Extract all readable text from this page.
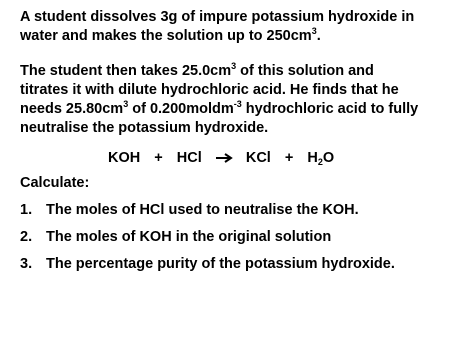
A student dissolves 3g of impure potassium hydroxide in
water and makes the solution up to $250cm^3$.
The student then takes $25.0cm^3$ of this solution and
titrates it with dilute hydrochloric acid. He finds that he
needs $25.80cm^3$ of 0.200moldm$^{-3}$ hydrochloric acid to fully
neutralise the potassium hydroxide.
KOH  +  HCl	KCl  +  $H_2O$
Calculate:
1. The moles of HCl used to neutralise the KOH.
2. The moles of KOH in the original solution
3. The percentage purity of the potassium hydroxide.
